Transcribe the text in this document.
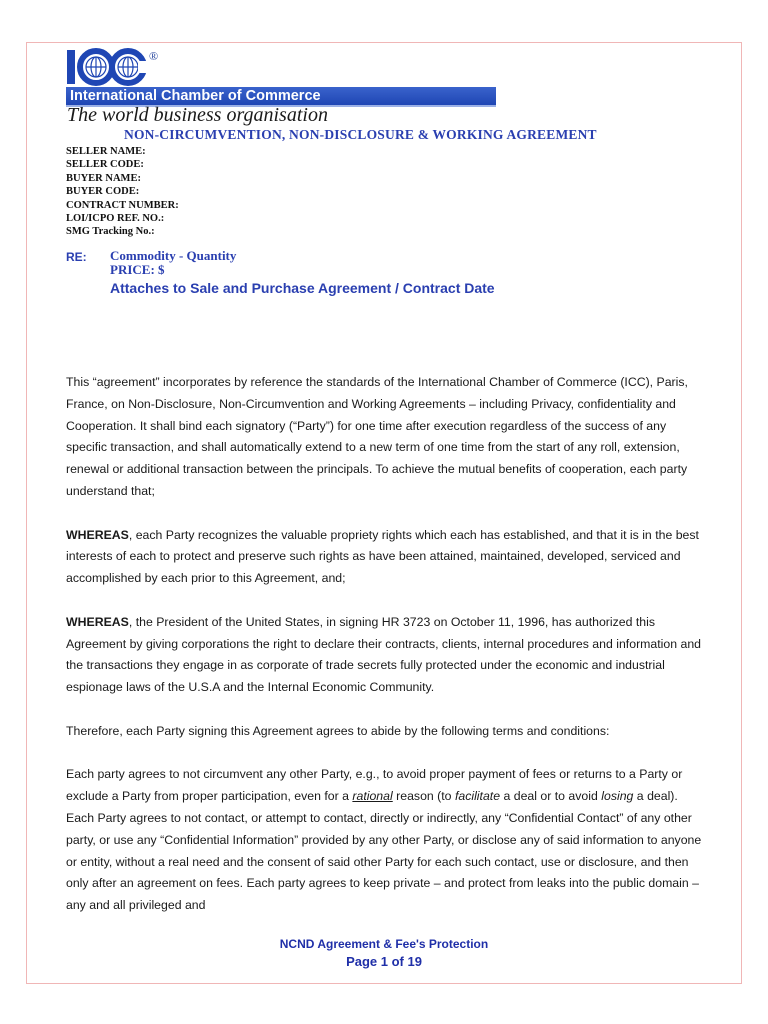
®
International Chamber of Commerce
The world business organisation
NON-CIRCUMVENTION, NON-DISCLOSURE & WORKING AGREEMENT
SELLER NAME:
SELLER CODE:
BUYER NAME:
BUYER CODE:
CONTRACT NUMBER:
LOI/ICPO REF. NO.:
SMG Tracking No.:
RE: Commodity - Quantity
PRICE: $
Attaches to Sale and Purchase Agreement / Contract Date

This “agreement” incorporates by reference the standards of the International Chamber of Commerce (ICC), Paris, France, on Non-Disclosure, Non-Circumvention and Working Agreements – including Privacy, confidentiality and Cooperation. It shall bind each signatory (“Party”) for one time after execution regardless of the success of any specific transaction, and shall automatically extend to a new term of one time from the start of any roll, extension, renewal or additional transaction between the principals. To achieve the mutual benefits of cooperation, each party understand that;

WHEREAS, each Party recognizes the valuable propriety rights which each has established, and that it is in the best interests of each to protect and preserve such rights as have been attained, maintained, developed, serviced and accomplished by each prior to this Agreement, and;

WHEREAS, the President of the United States, in signing HR 3723 on October 11, 1996, has authorized this Agreement by giving corporations the right to declare their contracts, clients, internal procedures and information and the transactions they engage in as corporate of trade secrets fully protected under the economic and industrial espionage laws of the U.S.A and the Internal Economic Community.

Therefore, each Party signing this Agreement agrees to abide by the following terms and conditions:

Each party agrees to not circumvent any other Party, e.g., to avoid proper payment of fees or returns to a Party or exclude a Party from proper participation, even for a rational reason (to facilitate a deal or to avoid losing a deal). Each Party agrees to not contact, or attempt to contact, directly or indirectly, any “Confidential Contact” of any other party, or use any “Confidential Information” provided by any other Party, or disclose any of said information to anyone or entity, without a real need and the consent of said other Party for each such contact, use or disclosure, and then only after an agreement on fees. Each party agrees to keep private – and protect from leaks into the public domain – any and all privileged and

NCND Agreement & Fee's Protection
Page 1 of 19
